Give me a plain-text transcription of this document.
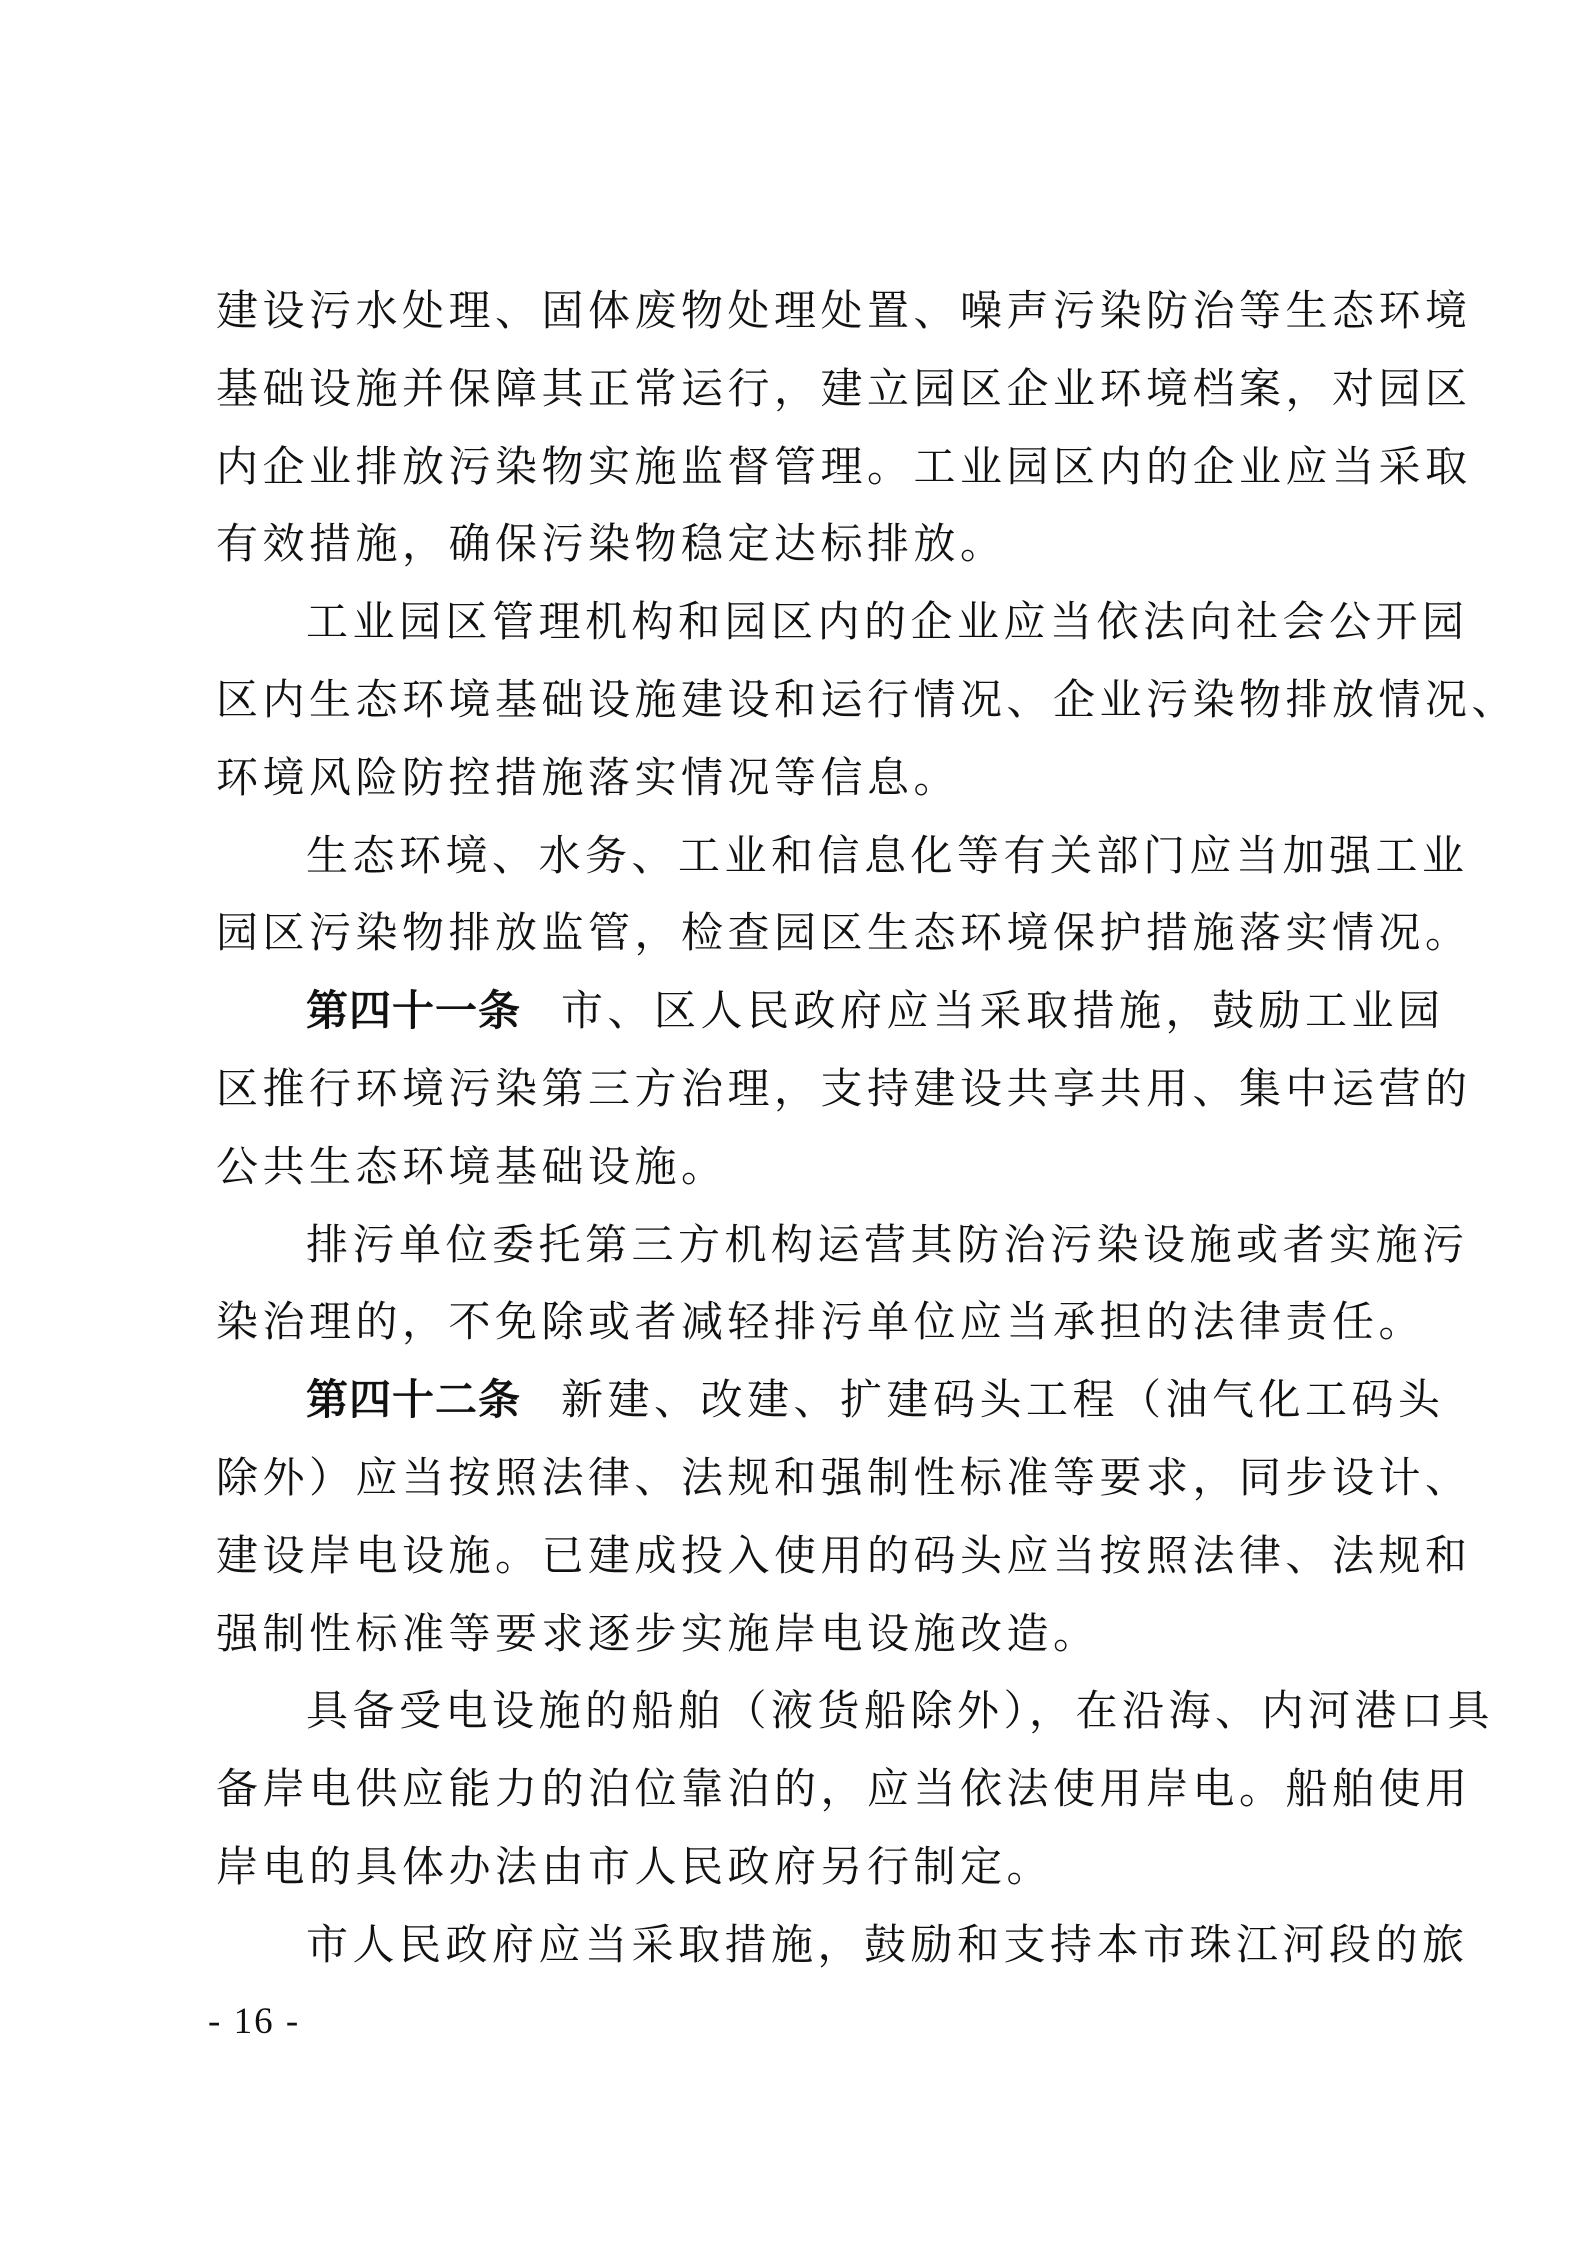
建设污水处理、固体废物处理处置、噪声污染防治等生态环境
基础设施并保障其正常运行，建立园区企业环境档案，对园区
内企业排放污染物实施监督管理。工业园区内的企业应当采取
有效措施，确保污染物稳定达标排放。
工业园区管理机构和园区内的企业应当依法向社会公开园
区内生态环境基础设施建设和运行情况、企业污染物排放情况、
环境风险防控措施落实情况等信息。
生态环境、水务、工业和信息化等有关部门应当加强工业
园区污染物排放监管，检查园区生态环境保护措施落实情况。
第四十一条 市、区人民政府应当采取措施，鼓励工业园
区推行环境污染第三方治理，支持建设共享共用、集中运营的
公共生态环境基础设施。
排污单位委托第三方机构运营其防治污染设施或者实施污
染治理的，不免除或者减轻排污单位应当承担的法律责任。
第四十二条 新建、改建、扩建码头工程（油气化工码头
除外）应当按照法律、法规和强制性标准等要求，同步设计、
建设岸电设施。已建成投入使用的码头应当按照法律、法规和
强制性标准等要求逐步实施岸电设施改造。
具备受电设施的船舶（液货船除外），在沿海、内河港口具
备岸电供应能力的泊位靠泊的，应当依法使用岸电。船舶使用
岸电的具体办法由市人民政府另行制定。
市人民政府应当采取措施，鼓励和支持本市珠江河段的旅
- 16 -
